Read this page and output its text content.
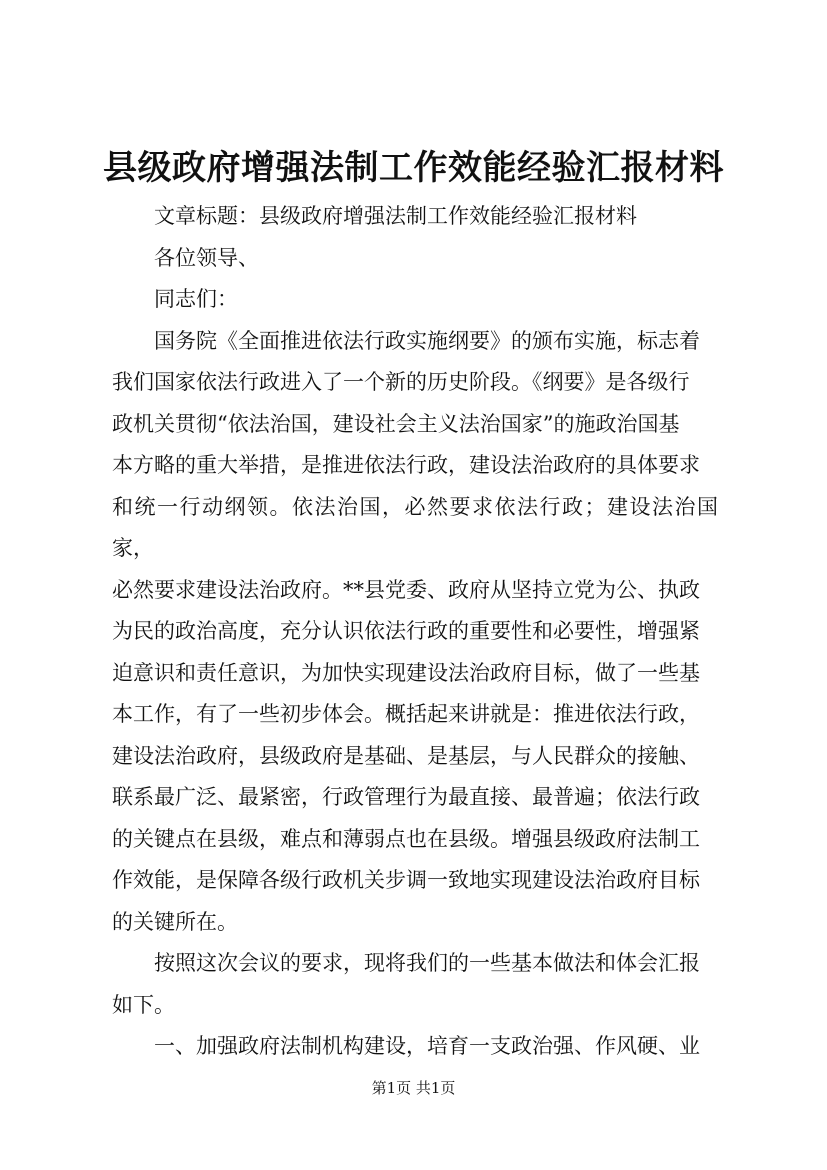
县级政府增强法制工作效能经验汇报材料

文章标题：县级政府增强法制工作效能经验汇报材料

各位领导、

同志们：

国务院《全面推进依法行政实施纲要》的颁布实施，标志着
我们国家依法行政进入了一个新的历史阶段。《纲要》是各级行
政机关贯彻“依法治国，建设社会主义法治国家”的施政治国基
本方略的重大举措，是推进依法行政，建设法治政府的具体要求
和统一行动纲领。依法治国，必然要求依法行政；建设法治国家，
必然要求建设法治政府。**县党委、政府从坚持立党为公、执政
为民的政治高度，充分认识依法行政的重要性和必要性，增强紧
迫意识和责任意识，为加快实现建设法治政府目标，做了一些基
本工作，有了一些初步体会。概括起来讲就是：推进依法行政，
建设法治政府，县级政府是基础、是基层，与人民群众的接触、
联系最广泛、最紧密，行政管理行为最直接、最普遍；依法行政
的关键点在县级，难点和薄弱点也在县级。增强县级政府法制工
作效能，是保障各级行政机关步调一致地实现建设法治政府目标
的关键所在。

按照这次会议的要求，现将我们的一些基本做法和体会汇报
如下。

一、加强政府法制机构建设，培育一支政治强、作风硬、业

第1页 共1页
